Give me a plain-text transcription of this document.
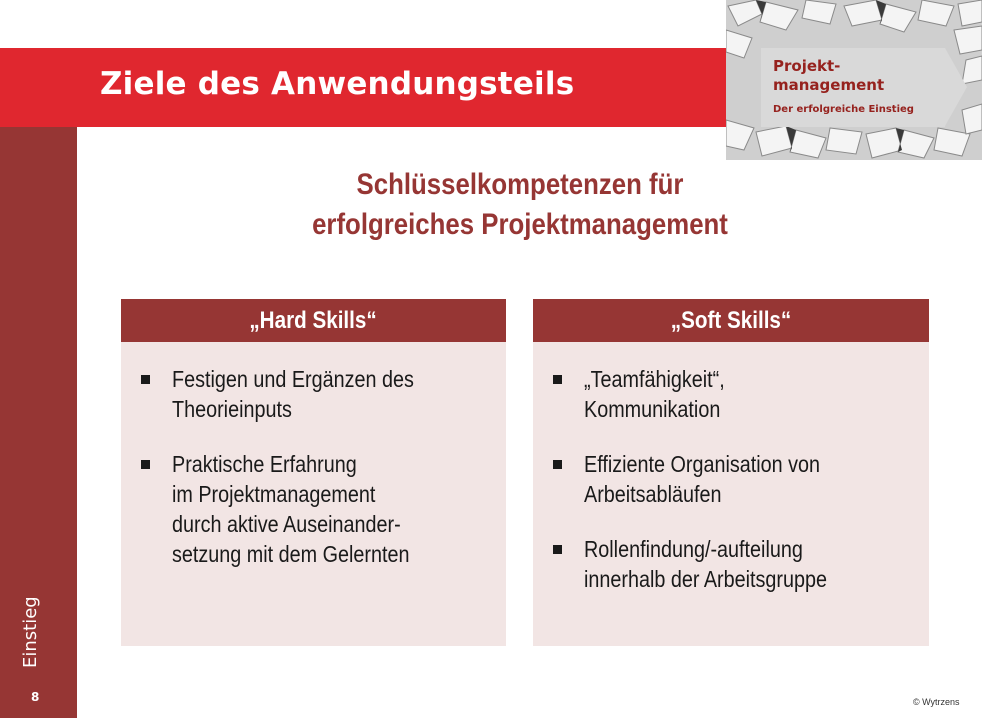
Einstieg
8
Ziele des Anwendungsteils	Projekt-
management
Der erfolgreiche Einstieg
Schlüsselkompetenzen für
erfolgreiches Projektmanagement
„Hard Skills“
Festigen und Ergänzen des
Theorieinputs
Praktische Erfahrung
im Projektmanagement
durch aktive Auseinander-
setzung mit dem Gelernten
„Soft Skills“
„Teamfähigkeit“,
Kommunikation
Effiziente Organisation von
Arbeitsabläufen
Rollenfindung/-aufteilung
innerhalb der Arbeitsgruppe
© Wytrzens
